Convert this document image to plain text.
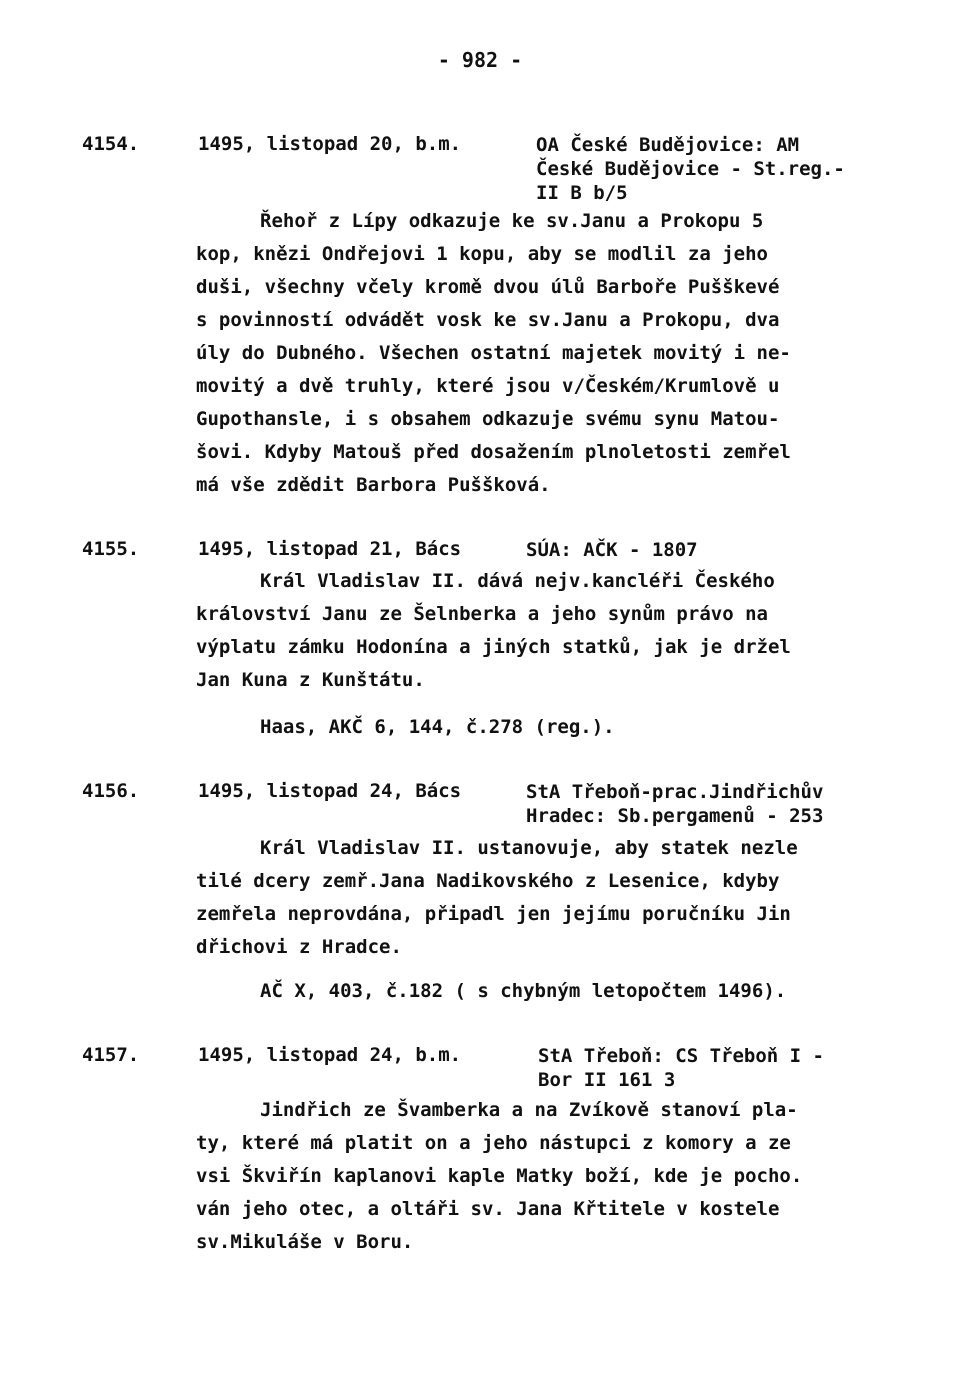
- 982 -
4154.	1495, listopad 20, b.m.	OA České Budějovice: AM
České Budějovice - St.reg.-
II B b/5
Řehoř z Lípy odkazuje ke sv.Janu a Prokopu 5
kop, knězi Ondřejovi 1 kopu, aby se modlil za jeho
duši, všechny včely kromě dvou úlů Barboře Pušškevé
s povinností odvádět vosk ke sv.Janu a Prokopu, dva
úly do Dubného. Všechen ostatní majetek movitý i ne-
movitý a dvě truhly, které jsou v/Českém/Krumlově u
Gupothansle, i s obsahem odkazuje svému synu Matou-
šovi. Kdyby Matouš před dosažením plnoletosti zemřel
má vše zdědit Barbora Puššková.
4155.	1495, listopad 21, Bács	SÚA: AČK - 1807
Král Vladislav II. dává nejv.kancléři Českého
království Janu ze Šelnberka a jeho synům právo na
výplatu zámku Hodonína a jiných statků, jak je držel
Jan Kuna z Kunštátu.
Haas, AKČ 6, 144, č.278 (reg.).
4156.	1495, listopad 24, Bács	StA Třeboň-prac.Jindřichův
Hradec: Sb.pergamenů - 253
Král Vladislav II. ustanovuje, aby statek nezle
tilé dcery zemř.Jana Nadikovského z Lesenice, kdyby
zemřela neprovdána, připadl jen jejímu poručníku Jin
dřichovi z Hradce.
AČ X, 403, č.182 ( s chybným letopočtem 1496).
4157.	1495, listopad 24, b.m.	StA Třeboň: CS Třeboň I -
Bor II 161 3
Jindřich ze Švamberka a na Zvíkově stanoví pla-
ty, které má platit on a jeho nástupci z komory a ze
vsi Škviřín kaplanovi kaple Matky boží, kde je pocho.
ván jeho otec, a oltáři sv. Jana Křtitele v kostele
sv.Mikuláše v Boru.
